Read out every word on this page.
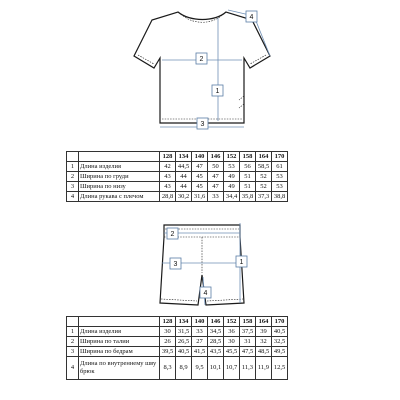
1
2
3
4
		128	134	140	146	152	158	164	170
1	Длина изделия	42	44,5	47	50	53	56	58,5	61
2	Ширина по груди	43	44	45	47	49	51	52	53
3	Ширина по низу	43	44	45	47	49	51	52	53
4	Длина рукава с плечом	28,8	30,2	31,6	33	34,4	35,8	37,3	38,8
1
2
3
4
		128	134	140	146	152	158	164	170
1	Длина изделия	30	31,5	33	34,5	36	37,5	39	40,5
2	Ширина по талии	26	26,5	27	28,5	30	31	32	32,5
3	Ширина по бедрам	39,5	40,5	41,5	43,5	45,5	47,5	48,5	49,5
4	Длина по внутреннему шву брюк	8,3	8,9	9,5	10,1	10,7	11,3	11,9	12,5
